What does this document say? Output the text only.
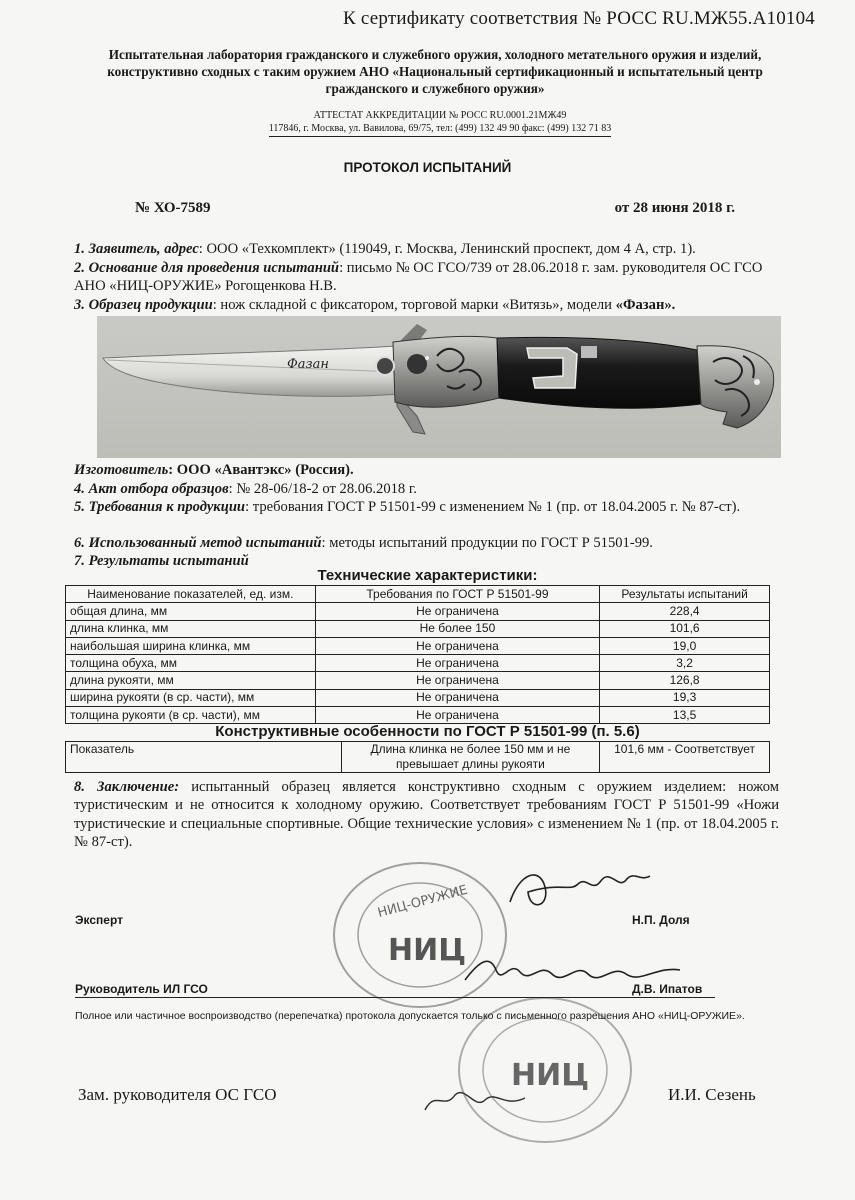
К сертификату соответствия № РОСС RU.МЖ55.А10104
Испытательная лаборатория гражданского и служебного оружия, холодного метательного оружия и изделий, конструктивно сходных с таким оружием АНО «Национальный сертификационный и испытательный центр гражданского и служебного оружия»
АТТЕСТАТ АККРЕДИТАЦИИ № РОСС RU.0001.21МЖ49
117846, г. Москва, ул. Вавилова, 69/75, тел: (499) 132 49 90 факс: (499) 132 71 83
ПРОТОКОЛ ИСПЫТАНИЙ
№ ХО-7589	от 28 июня 2018 г.
1. Заявитель, адрес: ООО «Техкомплект» (119049, г. Москва, Ленинский проспект, дом 4 А, стр. 1).
2. Основание для проведения испытаний: письмо № ОС ГСО/739 от 28.06.2018 г. зам. руководителя ОС ГСО АНО «НИЦ-ОРУЖИЕ» Рогощенкова Н.В.
3. Образец продукции: нож складной с фиксатором, торговой марки «Витязь», модели «Фазан».
Фазан
Изготовитель: ООО «Авантэкс» (Россия).
4. Акт отбора образцов: № 28-06/18-2 от 28.06.2018 г.
5. Требования к продукции: требования ГОСТ Р 51501-99 с изменением № 1 (пр. от 18.04.2005 г. № 87-ст).
6. Использованный метод испытаний: методы испытаний продукции по ГОСТ Р 51501-99.
7. Результаты испытаний
Технические характеристики:
Наименование показателей, ед. изм.	Требования по ГОСТ Р 51501-99	Результаты испытаний
общая длина, мм	Не ограничена	228,4
длина клинка, мм	Не более 150	101,6
наибольшая ширина клинка, мм	Не ограничена	19,0
толщина обуха, мм	Не ограничена	3,2
длина рукояти, мм	Не ограничена	126,8
ширина рукояти (в ср. части), мм	Не ограничена	19,3
толщина рукояти (в ср. части), мм	Не ограничена	13,5
Конструктивные особенности по ГОСТ Р 51501-99 (п. 5.6)
Показатель	Длина клинка не более 150 мм и не превышает длины рукояти	101,6 мм - Соответствует
8. Заключение: испытанный образец является конструктивно сходным с оружием изделием: ножом туристическим и не относится к холодному оружию. Соответствует требованиям ГОСТ Р 51501-99 «Ножи туристические и специальные спортивные. Общие технические условия» с изменением № 1 (пр. от 18.04.2005 г. № 87-ст).
НИЦ-ОРУЖИЕ
НИЦ
НИЦ
Эксперт	Н.П. Доля
Руководитель ИЛ ГСО	Д.В. Ипатов
Полное или частичное воспроизводство (перепечатка) протокола допускается только с письменного разрешения АНО «НИЦ-ОРУЖИЕ».
Зам. руководителя ОС ГСО	И.И. Сезень
